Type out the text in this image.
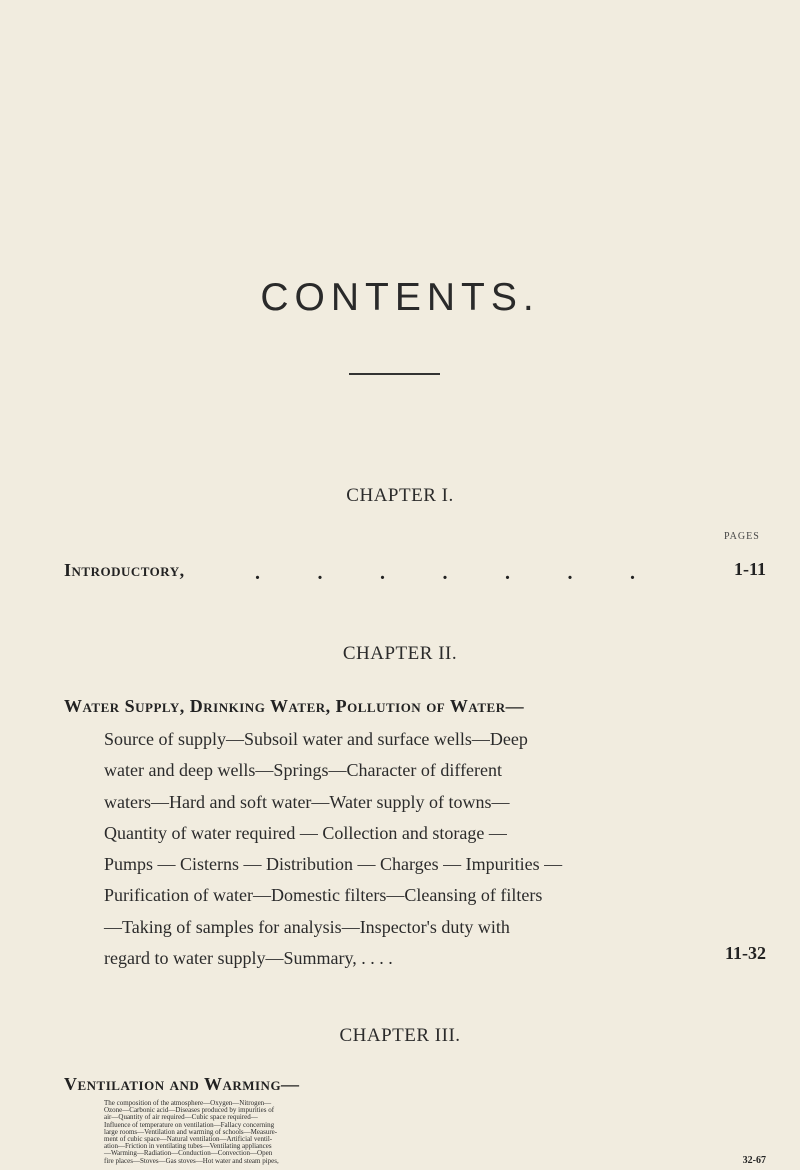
CONTENTS.
CHAPTER I.
PAGES
Introductory,	.	.	.	.	.	.	.	1-11
CHAPTER II.
Water Supply, Drinking Water, Pollution of Water—
Source of supply—Subsoil water and surface wells—Deep
water and deep wells—Springs—Character of different
waters—Hard and soft water—Water supply of towns—
Quantity of water required — Collection and storage —
Pumps — Cisterns — Distribution — Charges — Impurities —
Purification of water—Domestic filters—Cleansing of filters
—Taking of samples for analysis—Inspector's duty with
regard to water supply—Summary, . . . .	11-32
CHAPTER III.
Ventilation and Warming—
The composition of the atmosphere—Oxygen—Nitrogen—
Ozone—Carbonic acid—Diseases produced by impurities of
air—Quantity of air required—Cubic space required—
Influence of temperature on ventilation—Fallacy concerning
large rooms—Ventilation and warming of schools—Measure-
ment of cubic space—Natural ventilation—Artificial ventil-
ation—Friction in ventilating tubes—Ventilating appliances
—Warming—Radiation—Conduction—Convection—Open
fire places—Stoves—Gas stoves—Hot water and steam pipes,	32-67
